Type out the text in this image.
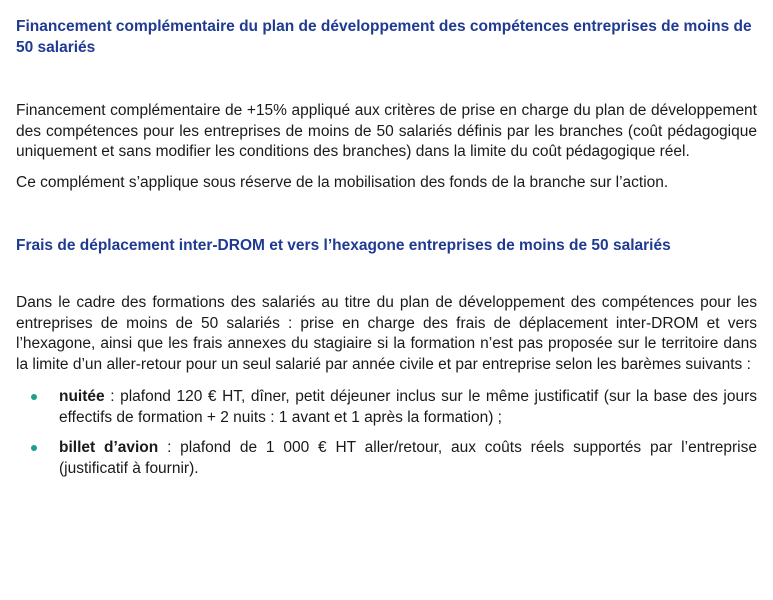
Financement complémentaire du plan de développement des compétences entreprises de moins de 50 salariés

Financement complémentaire de +15% appliqué aux critères de prise en charge du plan de développement des compétences pour les entreprises de moins de 50 salariés définis par les branches (coût pédagogique uniquement et sans modifier les conditions des branches) dans la limite du coût pédagogique réel.

Ce complément s’applique sous réserve de la mobilisation des fonds de la branche sur l’action.

Frais de déplacement inter-DROM et vers l’hexagone entreprises de moins de 50 salariés

Dans le cadre des formations des salariés au titre du plan de développement des compétences pour les entreprises de moins de 50 salariés : prise en charge des frais de déplacement inter-DROM et vers l’hexagone, ainsi que les frais annexes du stagiaire si la formation n’est pas proposée sur le territoire dans la limite d’un aller-retour pour un seul salarié par année civile et par entreprise selon les barèmes suivants :

nuitée : plafond 120 € HT, dîner, petit déjeuner inclus sur le même justificatif (sur la base des jours effectifs de formation + 2 nuits : 1 avant et 1 après la formation) ;
billet d’avion : plafond de 1 000 € HT aller/retour, aux coûts réels supportés par l’entreprise (justificatif à fournir).
